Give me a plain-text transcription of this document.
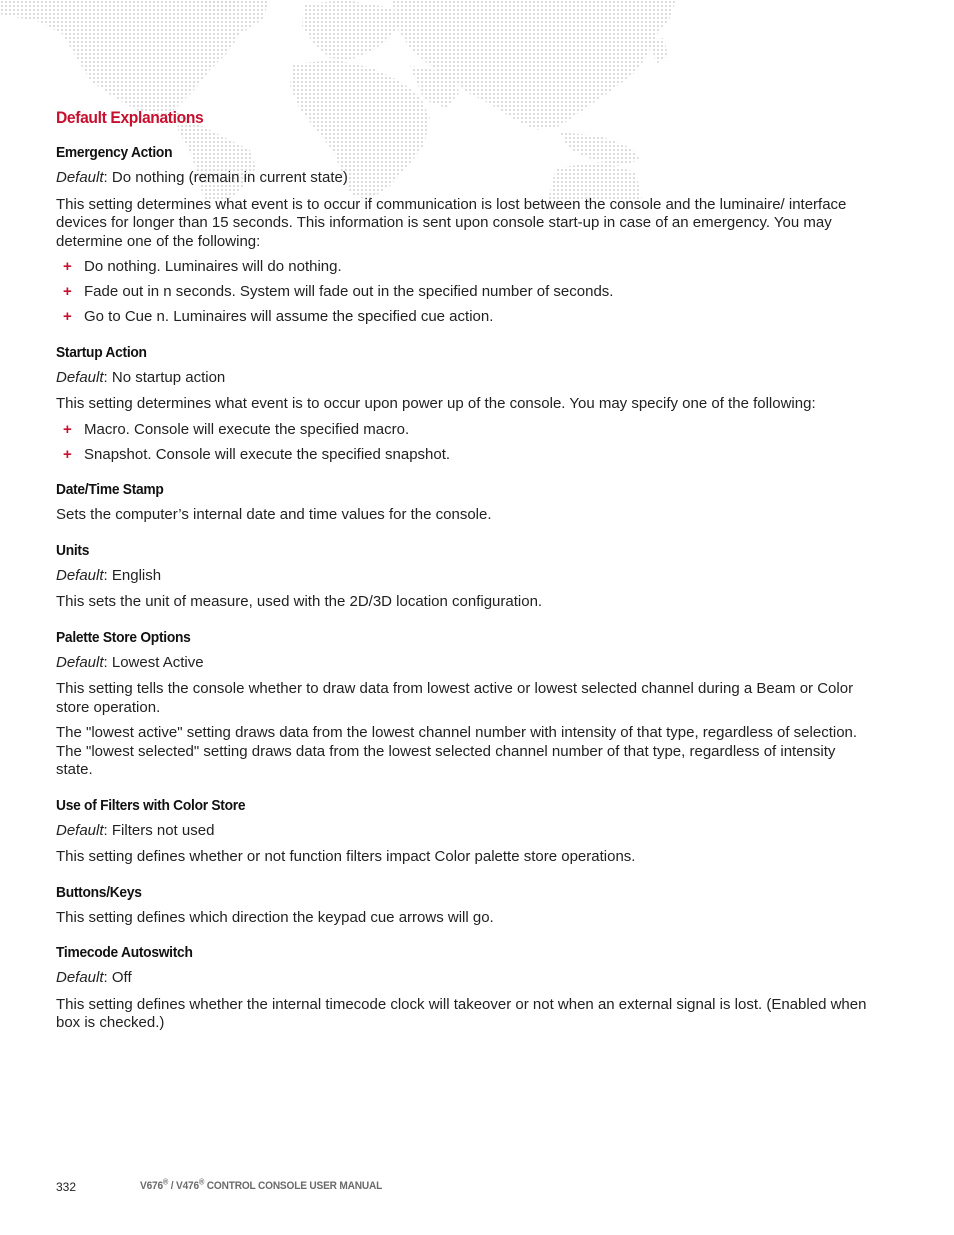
Default Explanations
Emergency Action
Default: Do nothing (remain in current state)

This setting determines what event is to occur if communication is lost between the console and the luminaire/ interface devices for longer than 15 seconds. This information is sent upon console start-up in case of an emergency. You may determine one of the following:

+ Do nothing. Luminaires will do nothing.
+ Fade out in n seconds. System will fade out in the specified number of seconds.
+ Go to Cue n. Luminaires will assume the specified cue action.
Startup Action
Default: No startup action

This setting determines what event is to occur upon power up of the console. You may specify one of the following:

+ Macro. Console will execute the specified macro.
+ Snapshot. Console will execute the specified snapshot.
Date/Time Stamp

Sets the computer’s internal date and time values for the console.

Units
Default: English

This sets the unit of measure, used with the 2D/3D location configuration.

Palette Store Options
Default: Lowest Active

This setting tells the console whether to draw data from lowest active or lowest selected channel during a Beam or Color store operation.

The "lowest active" setting draws data from the lowest channel number with intensity of that type, regardless of selection. The "lowest selected" setting draws data from the lowest selected channel number of that type, regardless of intensity state.

Use of Filters with Color Store
Default: Filters not used

This setting defines whether or not function filters impact Color palette store operations.

Buttons/Keys

This setting defines which direction the keypad cue arrows will go.

Timecode Autoswitch
Default: Off

This setting defines whether the internal timecode clock will takeover or not when an external signal is lost. (Enabled when box is checked.)

332	V676® / V476® CONTROL CONSOLE USER MANUAL
